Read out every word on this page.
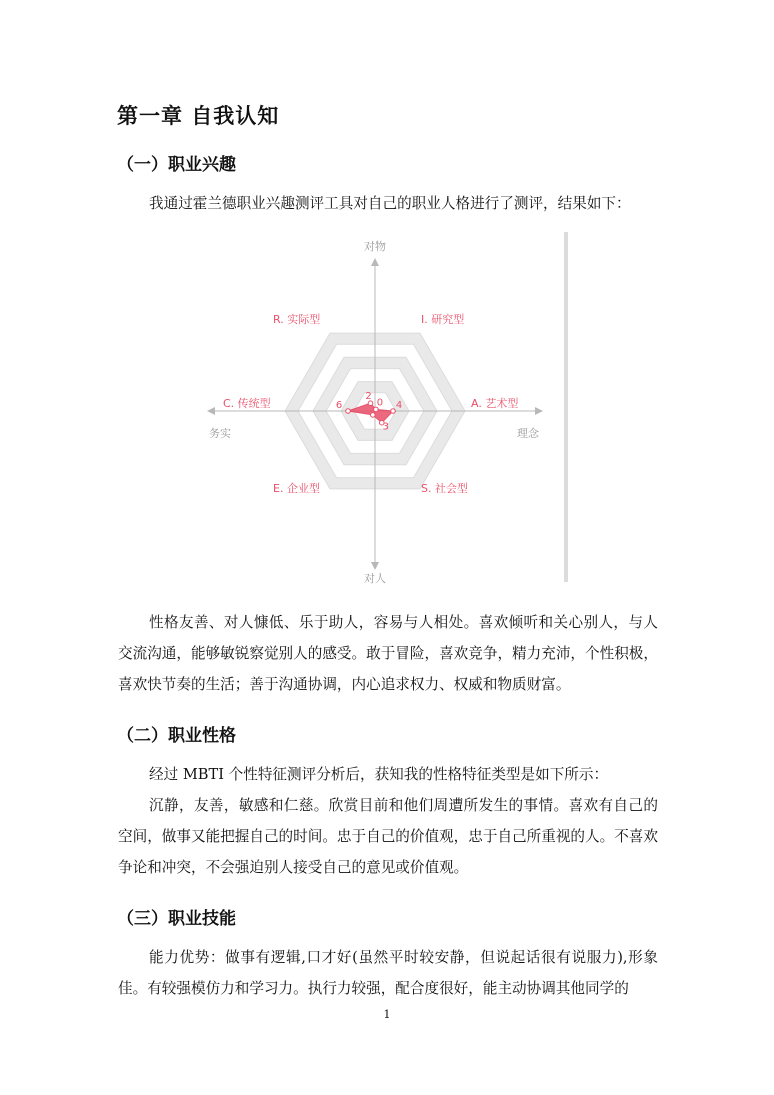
第一章 自我认知
（一）职业兴趣
我通过霍兰德职业兴趣测评工具对自己的职业人格进行了测评，结果如下：
2
0 4
3
6
对物
对人
务实	理念
R. 实际型	I. 研究型
A. 艺术型
S. 社会型
E. 企业型
C. 传统型
性格友善、对人慷低、乐于助人，容易与人相处。喜欢倾听和关心别人，与人交流沟通，能够敏锐察觉别人的感受。敢于冒险，喜欢竞争，精力充沛，个性积极，喜欢快节奏的生活；善于沟通协调，内心追求权力、权威和物质财富。
（二）职业性格
经过 MBTI 个性特征测评分析后，获知我的性格特征类型是如下所示：
沉静，友善，敏感和仁慈。欣赏目前和他们周遭所发生的事情。喜欢有自己的空间，做事又能把握自己的时间。忠于自己的价值观，忠于自己所重视的人。不喜欢争论和冲突，不会强迫别人接受自己的意见或价值观。
（三）职业技能
能力优势：做事有逻辑,口才好(虽然平时较安静，但说起话很有说服力),形象佳。有较强模仿力和学习力。执行力较强，配合度很好，能主动协调其他同学的
1
